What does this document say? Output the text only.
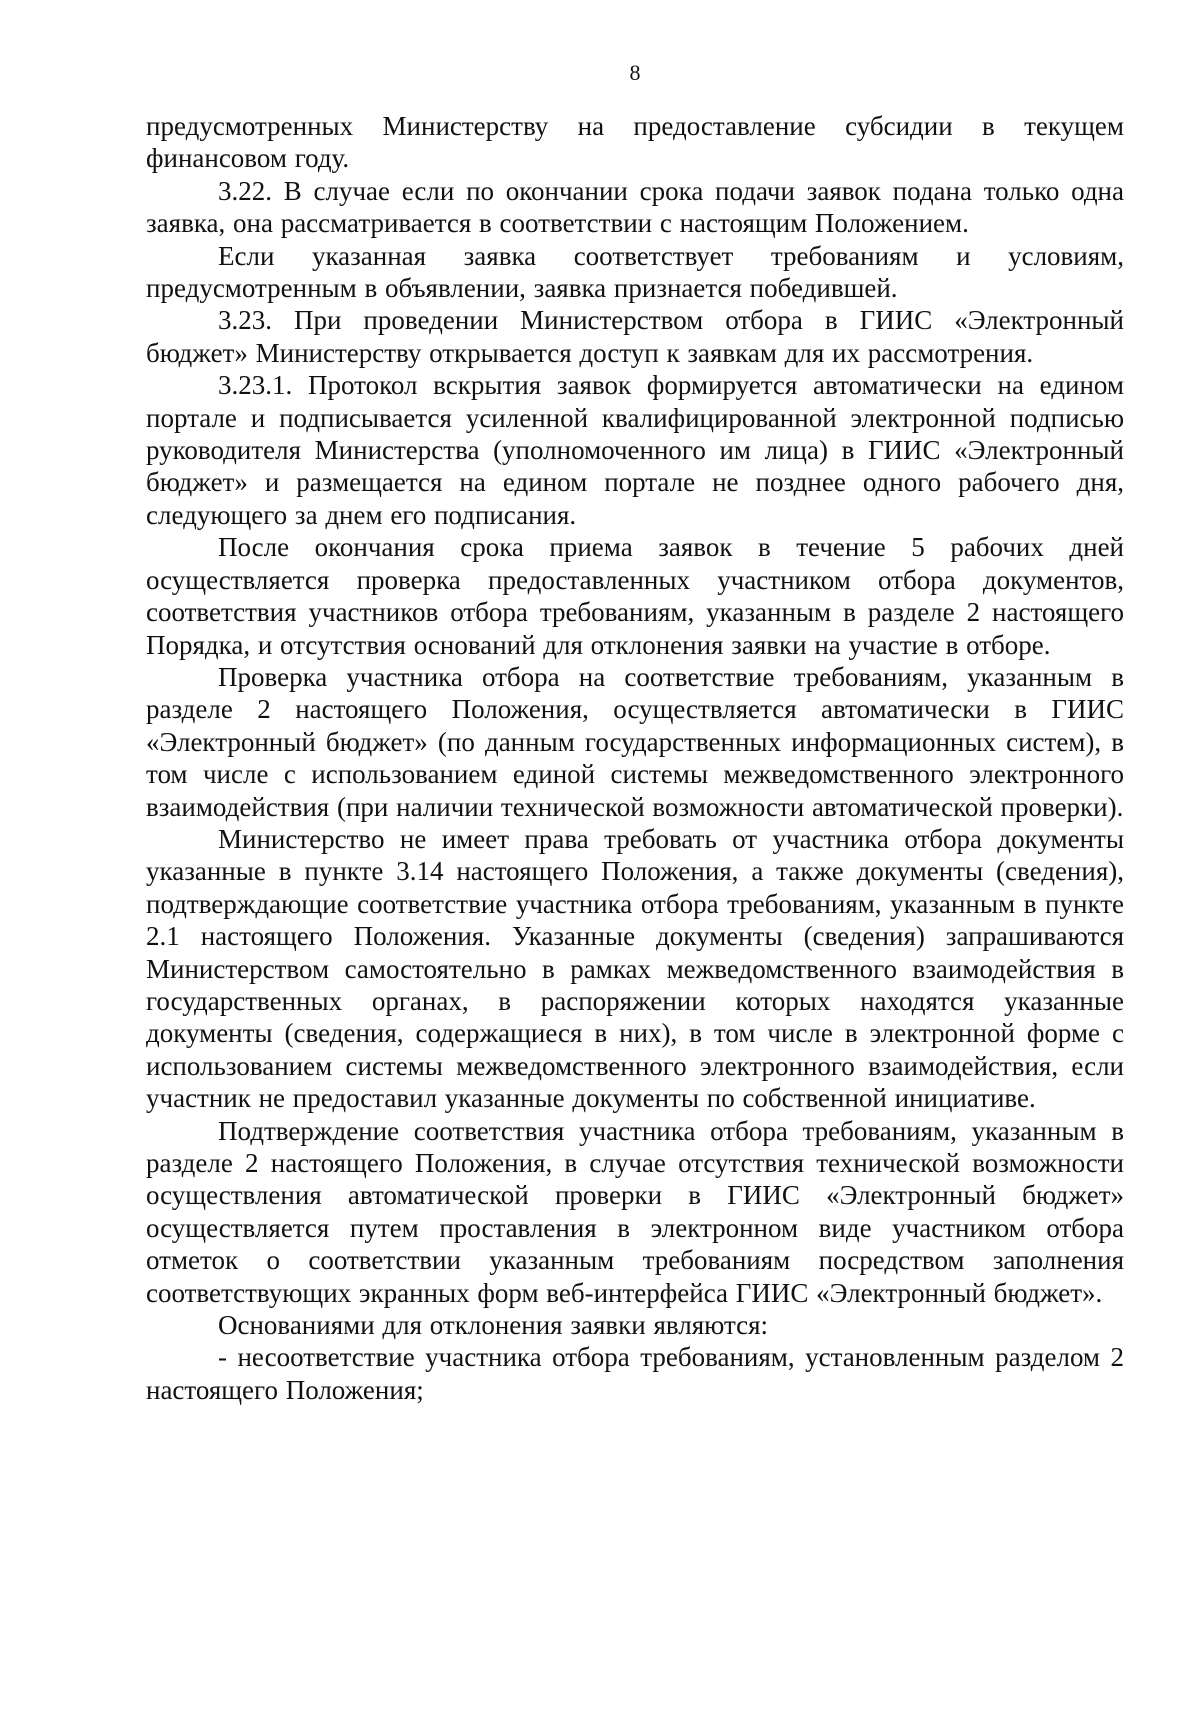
8

предусмотренных Министерству на предоставление субсидии в текущем финансовом году.

3.22. В случае если по окончании срока подачи заявок подана только одна заявка, она рассматривается в соответствии с настоящим Положением.

Если указанная заявка соответствует требованиям и условиям, предусмотренным в объявлении, заявка признается победившей.

3.23. При проведении Министерством отбора в ГИИС «Электронный бюджет» Министерству открывается доступ к заявкам для их рассмотрения.

3.23.1. Протокол вскрытия заявок формируется автоматически на едином портале и подписывается усиленной квалифицированной электронной подписью руководителя Министерства (уполномоченного им лица) в ГИИС «Электронный бюджет» и размещается на едином портале не позднее одного рабочего дня, следующего за днем его подписания.

После окончания срока приема заявок в течение 5 рабочих дней осуществляется проверка предоставленных участником отбора документов, соответствия участников отбора требованиям, указанным в разделе 2 настоящего Порядка, и отсутствия оснований для отклонения заявки на участие в отборе.

Проверка участника отбора на соответствие требованиям, указанным в разделе 2 настоящего Положения, осуществляется автоматически в ГИИС «Электронный бюджет» (по данным государственных информационных систем), в том числе с использованием единой системы межведомственного электронного взаимодействия (при наличии технической возможности автоматической проверки).

Министерство не имеет права требовать от участника отбора документы указанные в пункте 3.14 настоящего Положения, а также документы (сведения), подтверждающие соответствие участника отбора требованиям, указанным в пункте 2.1 настоящего Положения. Указанные документы (сведения) запрашиваются Министерством самостоятельно в рамках межведомственного взаимодействия в государственных органах, в распоряжении которых находятся указанные документы (сведения, содержащиеся в них), в том числе в электронной форме с использованием системы межведомственного электронного взаимодействия, если участник не предоставил указанные документы по собственной инициативе.

Подтверждение соответствия участника отбора требованиям, указанным в разделе 2 настоящего Положения, в случае отсутствия технической возможности осуществления автоматической проверки в ГИИС «Электронный бюджет» осуществляется путем проставления в электронном виде участником отбора отметок о соответствии указанным требованиям посредством заполнения соответствующих экранных форм веб-интерфейса ГИИС «Электронный бюджет».

Основаниями для отклонения заявки являются:

- несоответствие участника отбора требованиям, установленным разделом 2 настоящего Положения;
